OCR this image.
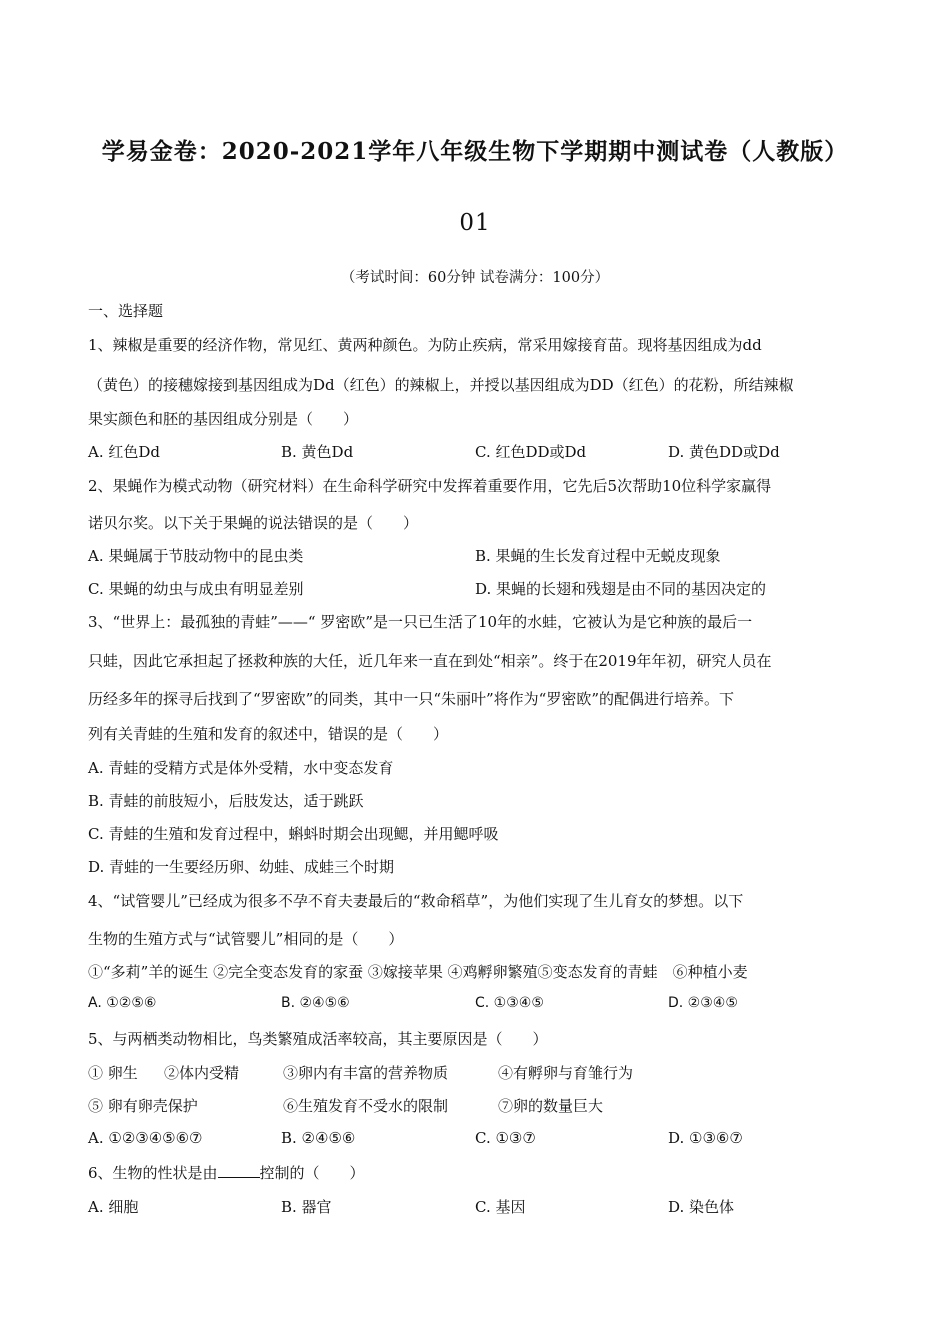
学易金卷：2020-2021学年八年级生物下学期期中测试卷（人教版）
01
（考试时间：60分钟 试卷满分：100分）
一、选择题
1、辣椒是重要的经济作物，常见红、黄两种颜色。为防止疾病，常采用嫁接育苗。现将基因组成为dd
（黄色）的接穗嫁接到基因组成为Dd（红色）的辣椒上，并授以基因组成为DD（红色）的花粉，所结辣椒
果实颜色和胚的基因组成分别是（　　）
A. 红色Dd	B. 黄色Dd	C. 红色DD或Dd	D. 黄色DD或Dd
2、果蝇作为模式动物（研究材料）在生命科学研究中发挥着重要作用，它先后5次帮助10位科学家赢得
诺贝尔奖。以下关于果蝇的说法错误的是（　　）
A. 果蝇属于节肢动物中的昆虫类	B. 果蝇的生长发育过程中无蜕皮现象
C. 果蝇的幼虫与成虫有明显差别	D. 果蝇的长翅和残翅是由不同的基因决定的
3、“世界上：最孤独的青蛙”——“ 罗密欧”是一只已生活了10年的水蛙，它被认为是它种族的最后一
只蛙，因此它承担起了拯救种族的大任，近几年来一直在到处“相亲”。终于在2019年年初，研究人员在
历经多年的探寻后找到了“罗密欧”的同类，其中一只“朱丽叶”将作为“罗密欧”的配偶进行培养。下
列有关青蛙的生殖和发育的叙述中，错误的是（　　）
A. 青蛙的受精方式是体外受精，水中变态发育
B. 青蛙的前肢短小，后肢发达，适于跳跃
C. 青蛙的生殖和发育过程中，蝌蚪时期会出现鳃，并用鳃呼吸
D. 青蛙的一生要经历卵、幼蛙、成蛙三个时期
4、“试管婴儿”已经成为很多不孕不育夫妻最后的“救命稻草”，为他们实现了生儿育女的梦想。以下
生物的生殖方式与“试管婴儿”相同的是（　　）
①“多莉”羊的诞生 ②完全变态发育的家蚕 ③嫁接苹果 ④鸡孵卵繁殖⑤变态发育的青蛙　⑥种植小麦
A. ①②⑤⑥	B. ②④⑤⑥	C. ①③④⑤	D. ②③④⑤
5、与两栖类动物相比，鸟类繁殖成活率较高，其主要原因是（　　）
① 卵生 ②体内受精	③卵内有丰富的营养物质	④有孵卵与育雏行为
⑤ 卵有卵壳保护	⑥生殖发育不受水的限制	⑦卵的数量巨大
A. ①②③④⑤⑥⑦	B. ②④⑤⑥	C. ①③⑦	D. ①③⑥⑦
6、生物的性状是由	控制的（　　）
A. 细胞	B. 器官	C. 基因	D. 染色体
